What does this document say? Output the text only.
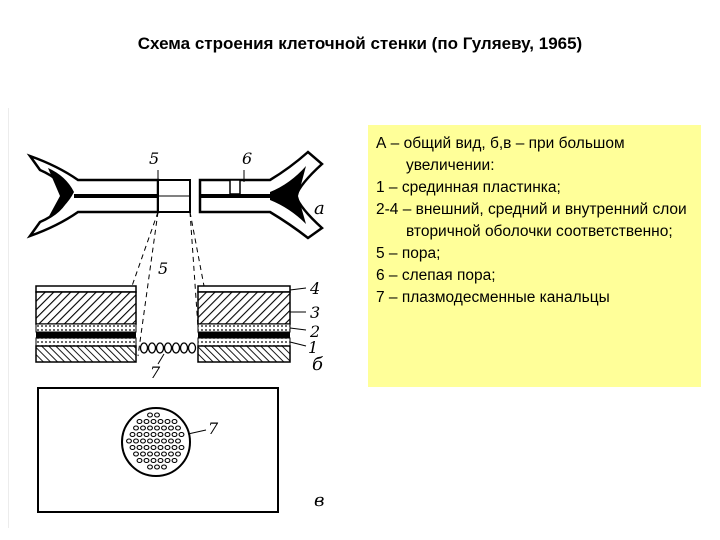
Схема строения клеточной стенки (по Гуляеву, 1965)
5	6
а
5
4
3
2
1
7	б
7
в
А – общий вид, б,в – при большом увеличении:
1 – срединная пластинка;
2-4 – внешний, средний и внутренний слои вторичной оболочки соответственно;
5 – пора;
6 – слепая пора;
7 – плазмодесменные канальцы
